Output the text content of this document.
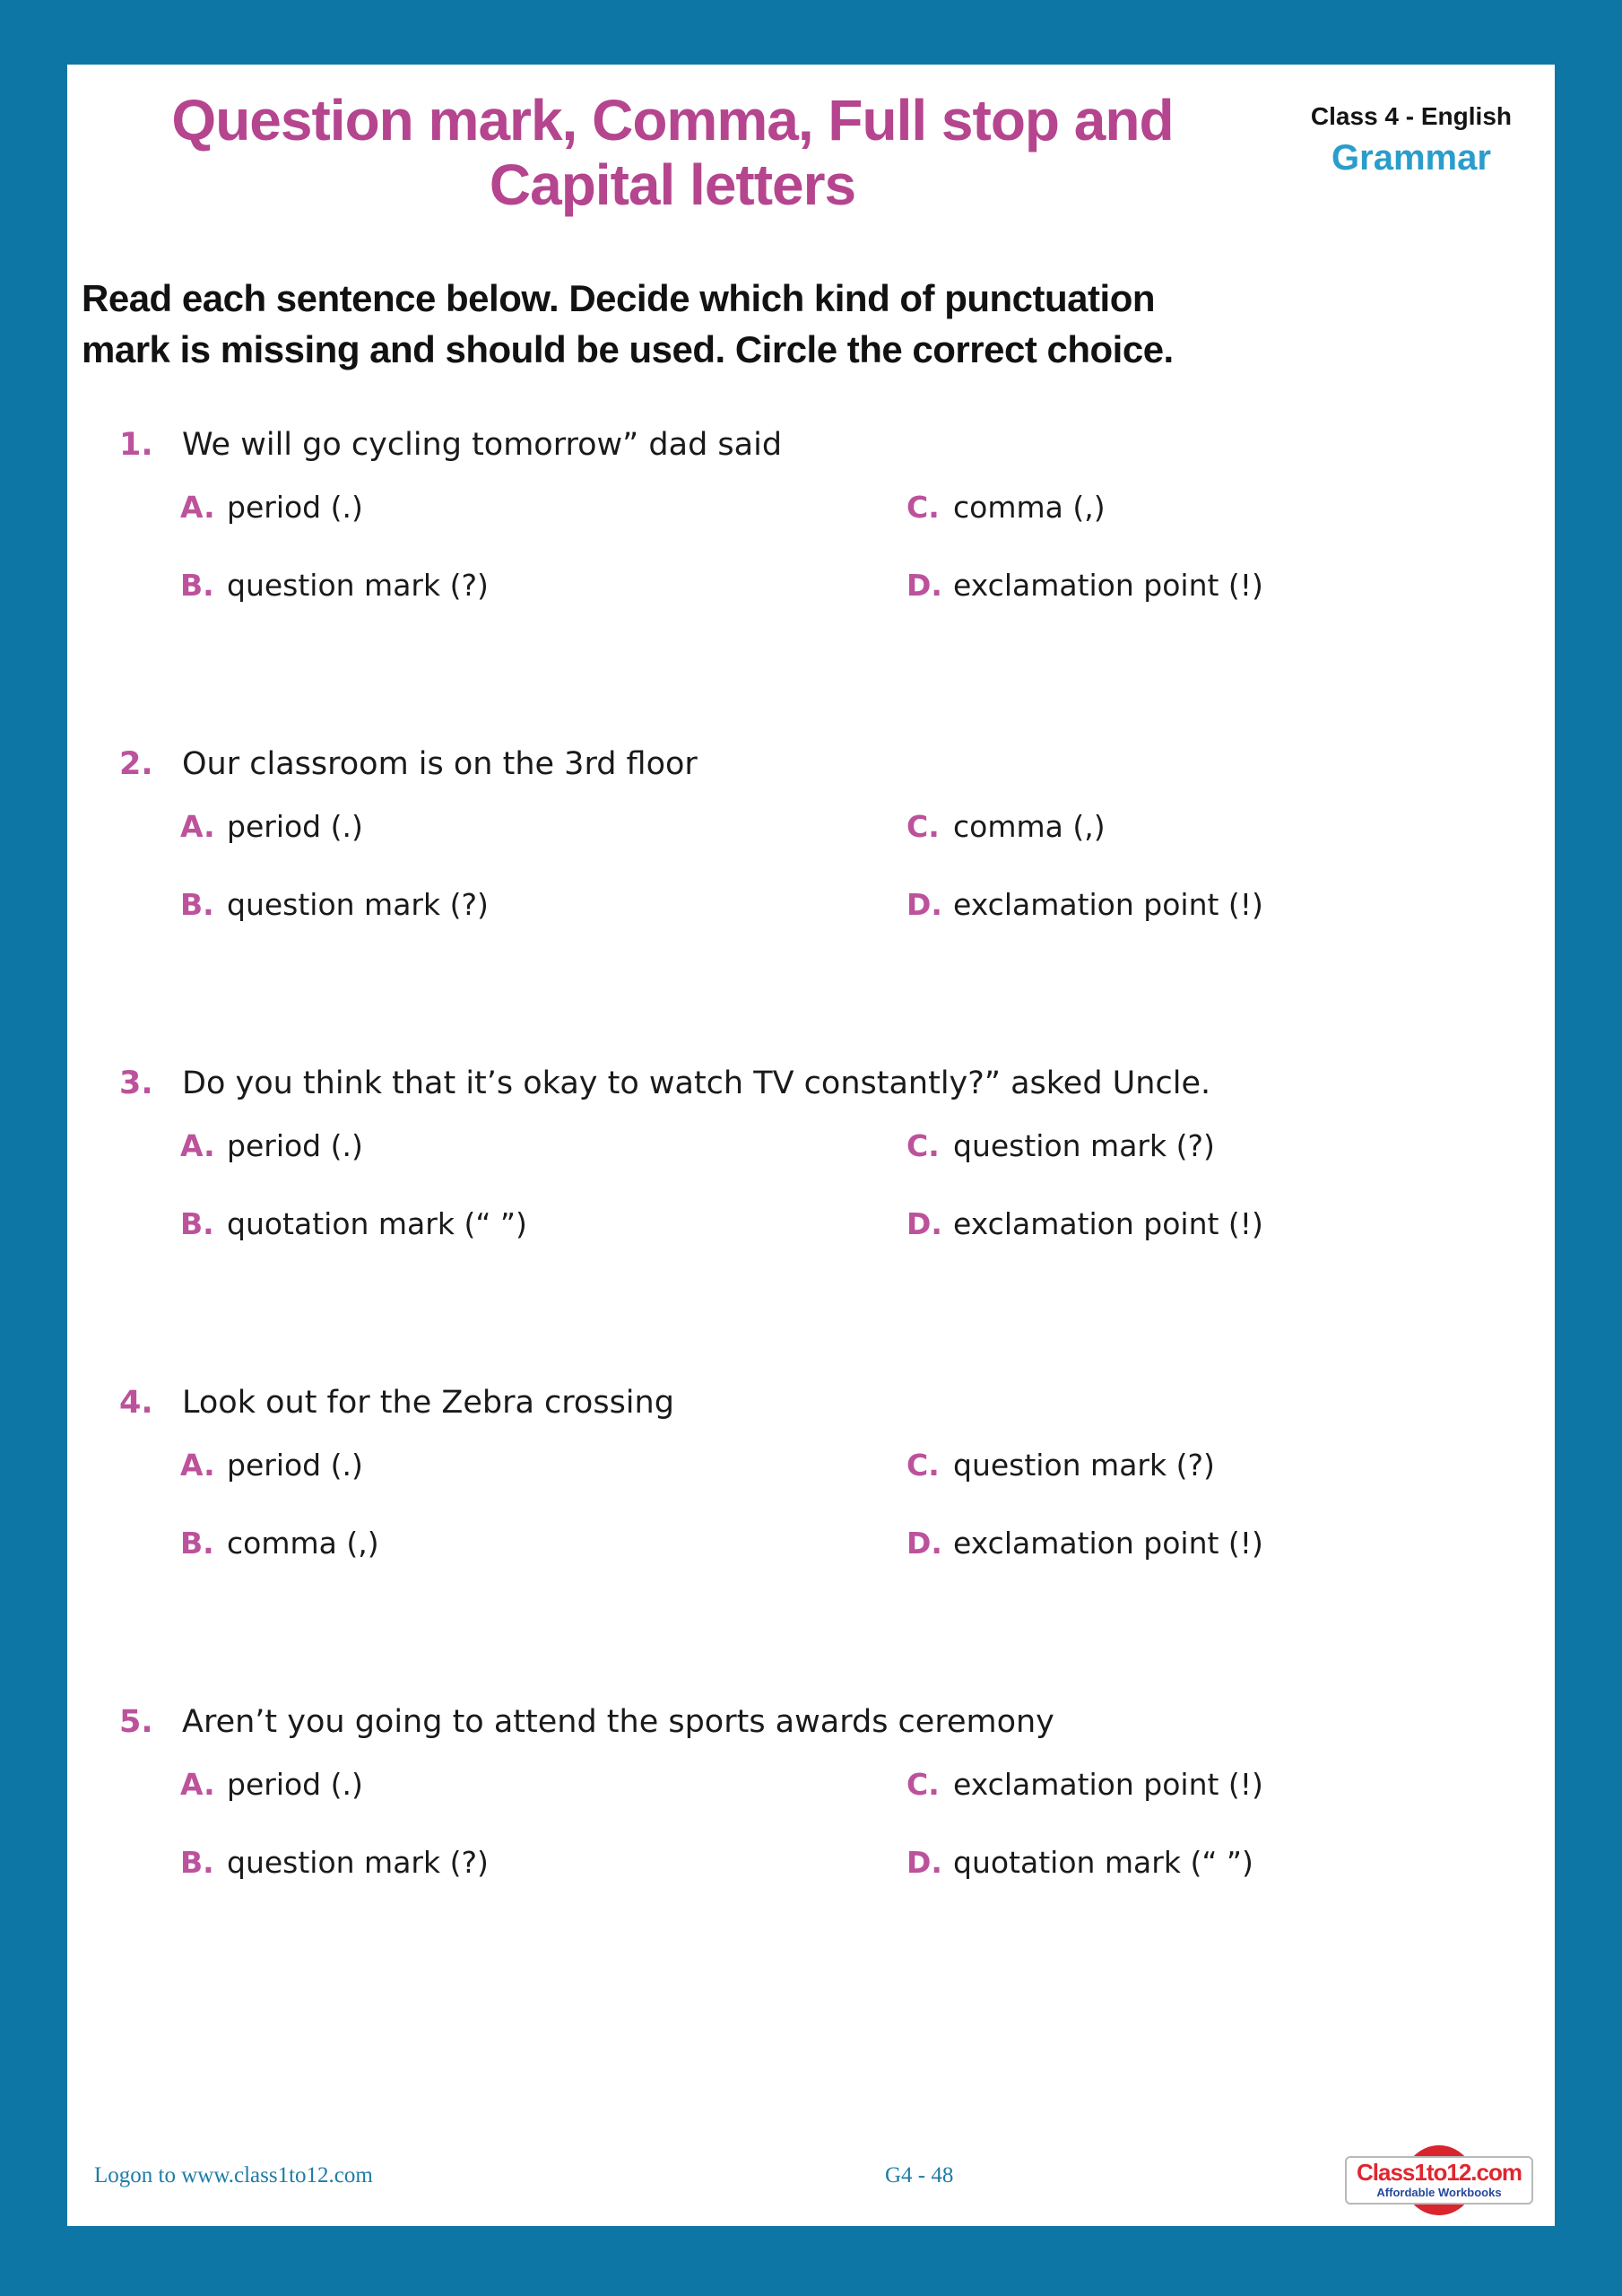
Question mark, Comma, Full stop and
Capital letters
Class 4 - English
Grammar
Read each sentence below. Decide which kind of punctuation
mark is missing and should be used. Circle the correct choice.
1. We will go cycling tomorrow” dad said
A. period (.)	C. comma (,)
B. question mark (?)	D. exclamation point (!)
2. Our classroom is on the 3rd floor
A. period (.)	C. comma (,)
B. question mark (?)	D. exclamation point (!)
3. Do you think that it’s okay to watch TV constantly?” asked Uncle.
A. period (.)	C. question mark (?)
B. quotation mark (“ ”)	D. exclamation point (!)
4. Look out for the Zebra crossing
A. period (.)	C. question mark (?)
B. comma (,)	D. exclamation point (!)
5. Aren’t you going to attend the sports awards ceremony
A. period (.)	C. exclamation point (!)
B. question mark (?)	D. quotation mark (“ ”)
Logon to www.class1to12.com	G4 - 48	Class1to12.com
Affordable Workbooks
